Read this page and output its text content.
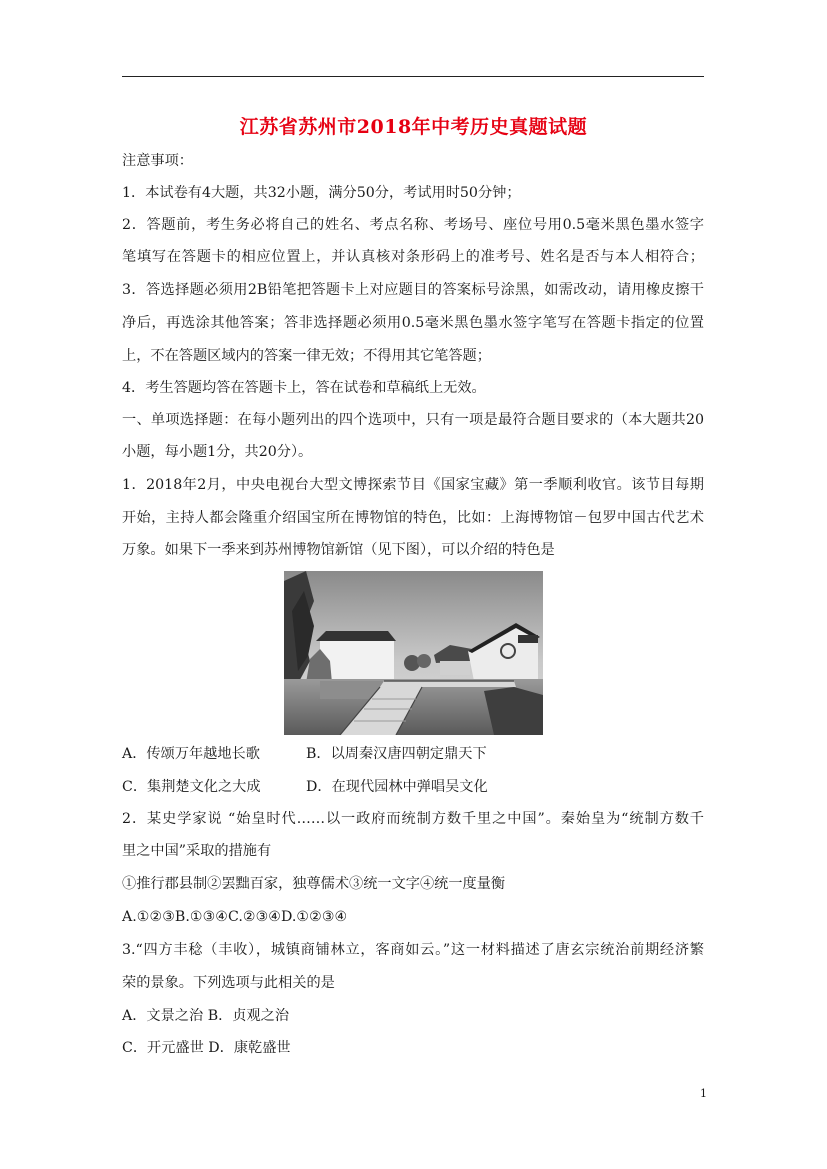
江苏省苏州市2018年中考历史真题试题
注意事项：
1．本试卷有4大题，共32小题，满分50分，考试用时50分钟；
2．答题前，考生务必将自己的姓名、考点名称、考场号、座位号用0.5毫米黑色墨水签字
笔填写在答题卡的相应位置上，并认真核对条形码上的准考号、姓名是否与本人相符合；
3．答选择题必须用2B铅笔把答题卡上对应题目的答案标号涂黑，如需改动，请用橡皮擦干
净后，再选涂其他答案；答非选择题必须用0.5毫米黑色墨水签字笔写在答题卡指定的位置
上，不在答题区域内的答案一律无效；不得用其它笔答题；
4．考生答题均答在答题卡上，答在试卷和草稿纸上无效。
一、单项选择题：在每小题列出的四个选项中，只有一项是最符合题目要求的（本大题共20
小题，每小题1分，共20分）。
1．2018年2月，中央电视台大型文博探索节目《国家宝藏》第一季顺利收官。该节目每期
开始，主持人都会隆重介绍国宝所在博物馆的特色，比如：上海博物馆－包罗中国古代艺术
万象。如果下一季来到苏州博物馆新馆（见下图），可以介绍的特色是
A．传颂万年越地长歌	B．以周秦汉唐四朝定鼎天下
C．集荆楚文化之大成	D．在现代园林中弹唱吴文化
2．某史学家说 “始皇时代……以一政府而统制方数千里之中国”。秦始皇为“统制方数千
里之中国”采取的措施有
①推行郡县制②罢黜百家，独尊儒术③统一文字④统一度量衡
A.①②③B.①③④C.②③④D.①②③④
3.“四方丰稔（丰收），城镇商铺林立，客商如云。”这一材料描述了唐玄宗统治前期经济繁
荣的景象。下列选项与此相关的是
A．文景之治 B．贞观之治
C．开元盛世 D．康乾盛世
1
